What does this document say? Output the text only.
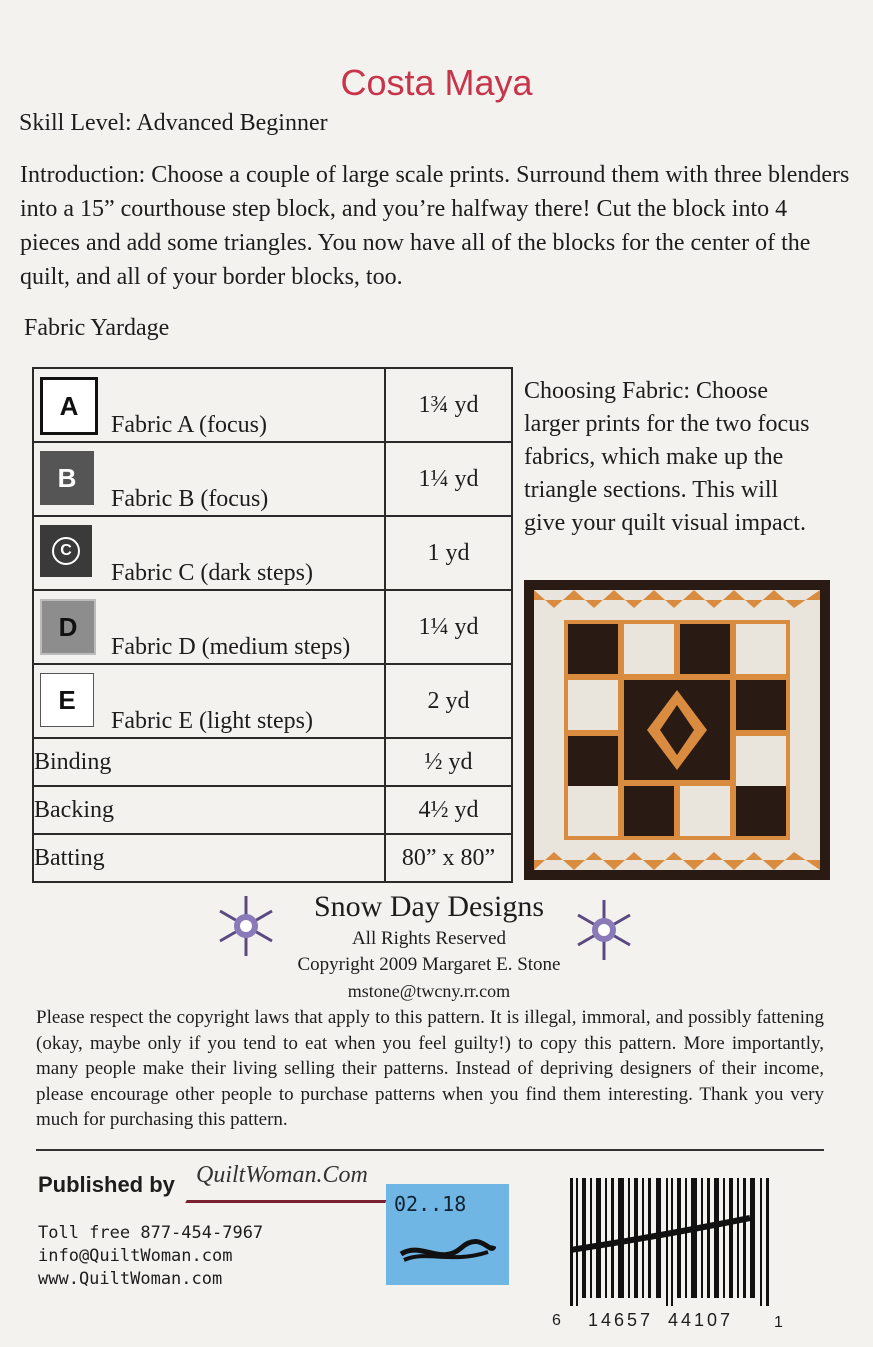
Costa Maya
Skill Level: Advanced Beginner
Introduction: Choose a couple of large scale prints. Surround them with three blenders into a 15” courthouse step block, and you’re halfway there! Cut the block into 4 pieces and add some triangles. You now have all of the blocks for the center of the quilt, and all of your border blocks, too.
Fabric Yardage
A
Fabric A (focus)	1¾ yd

B
Fabric B (focus)	1¼ yd

C
Fabric C (dark steps)	1 yd

D
Fabric D (medium steps)	1¼ yd

E
Fabric E (light steps)	2 yd
Binding	½ yd
Backing	4½ yd
Batting	80” x 80”
Choosing Fabric: Choose larger prints for the two focus fabrics, which make up the triangle sections. This will give your quilt visual impact.
Snow Day Designs
All Rights Reserved
Copyright 2009 Margaret E. Stone
mstone@twcny.rr.com
Please respect the copyright laws that apply to this pattern. It is illegal, immoral, and possibly fattening (okay, maybe only if you tend to eat when you feel guilty!) to copy this pattern. More importantly, many people make their living selling their patterns. Instead of depriving designers of their income, please encourage other people to purchase patterns when you find them interesting. Thank you very much for purchasing this pattern.
Published by QuiltWoman.Com
Toll free 877-454-7967
info@QuiltWoman.com
www.QuiltWoman.com
02..18
6 14657 44107	1
